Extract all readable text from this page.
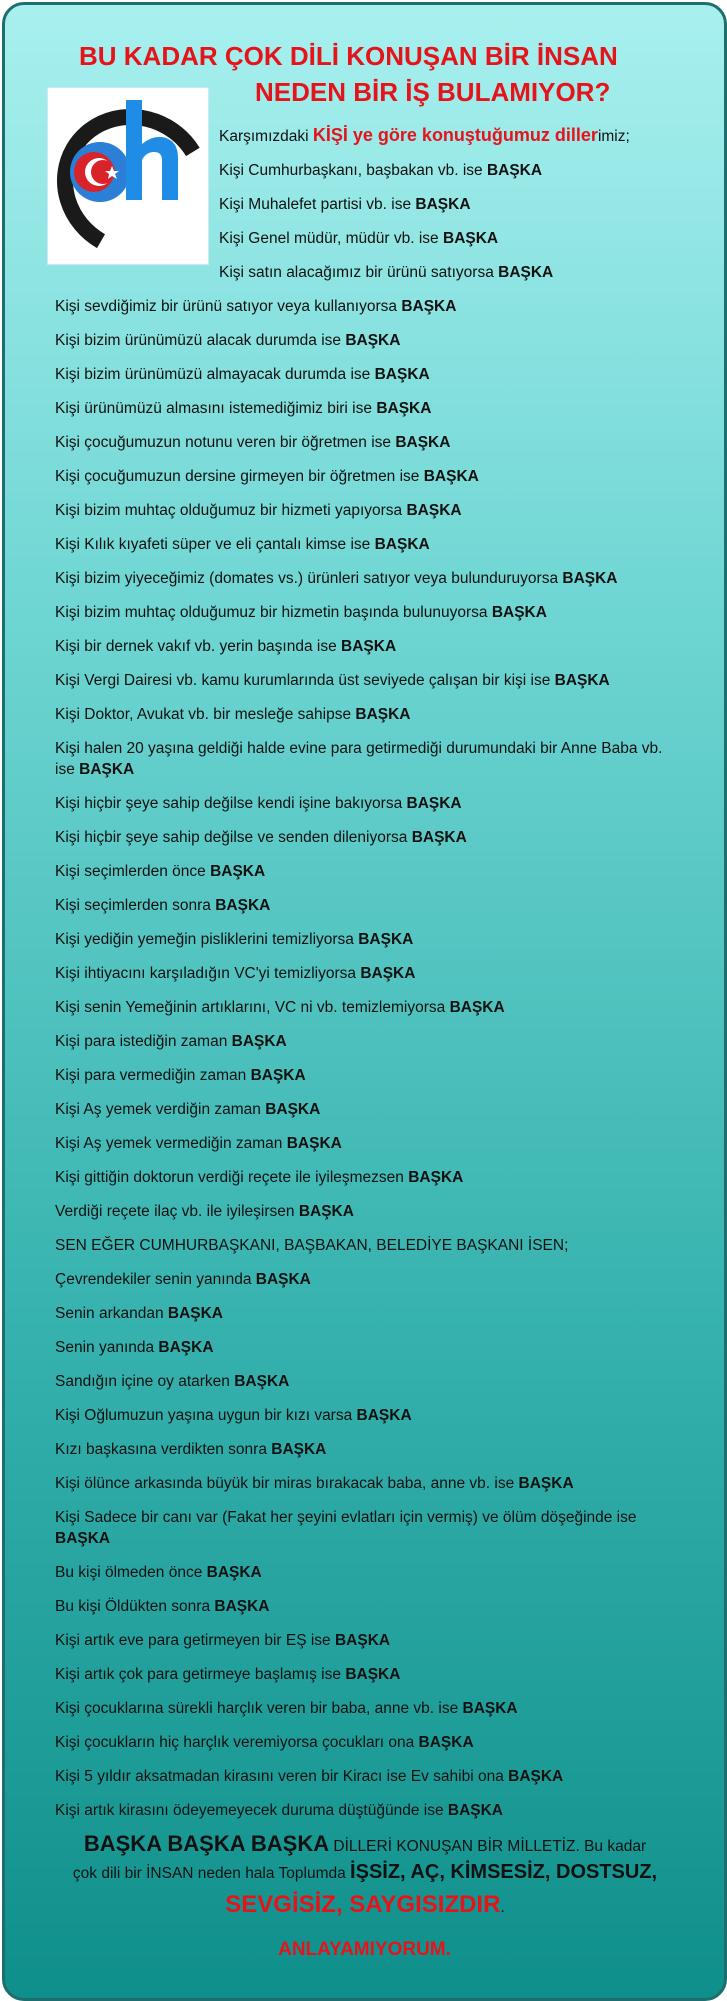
BU KADAR ÇOK DİLİ KONUŞAN BİR İNSAN
NEDEN BİR İŞ BULAMIYOR?
Karşımızdaki KİŞİ ye göre konuştuğumuz dillerimiz;
BAŞKA BAŞKA BAŞKA DİLLERİ KONUŞAN BİR MİLLETİZ. Bu kadar
çok dili bir İNSAN neden hala Toplumda İŞSİZ, AÇ, KİMSESİZ, DOSTSUZ,
SEVGİSİZ, SAYGISIZDIR.
ANLAYAMIYORUM.
Kişi Cumhurbaşkanı, başbakan vb. ise BAŞKA
Kişi Muhalefet partisi vb. ise BAŞKA
Kişi Genel müdür, müdür vb. ise BAŞKA
Kişi satın alacağımız bir ürünü satıyorsa BAŞKA
Kişi sevdiğimiz bir ürünü satıyor veya kullanıyorsa BAŞKA
Kişi bizim ürünümüzü alacak durumda ise BAŞKA
Kişi bizim ürünümüzü almayacak durumda ise BAŞKA
Kişi ürünümüzü almasını istemediğimiz biri ise BAŞKA
Kişi çocuğumuzun notunu veren bir öğretmen ise BAŞKA
Kişi çocuğumuzun dersine girmeyen bir öğretmen ise BAŞKA
Kişi bizim muhtaç olduğumuz bir hizmeti yapıyorsa BAŞKA
Kişi Kılık kıyafeti süper ve eli çantalı kimse ise BAŞKA
Kişi bizim yiyeceğimiz (domates vs.) ürünleri satıyor veya bulunduruyorsa BAŞKA
Kişi bizim muhtaç olduğumuz bir hizmetin başında bulunuyorsa BAŞKA
Kişi bir dernek vakıf vb. yerin başında ise BAŞKA
Kişi Vergi Dairesi vb. kamu kurumlarında üst seviyede çalışan bir kişi ise BAŞKA
Kişi Doktor, Avukat vb. bir mesleğe sahipse BAŞKA
Kişi halen 20 yaşına geldiği halde evine para getirmediği durumundaki bir Anne Baba vb. ise BAŞKA
Kişi hiçbir şeye sahip değilse kendi işine bakıyorsa BAŞKA
Kişi hiçbir şeye sahip değilse ve senden dileniyorsa BAŞKA
Kişi seçimlerden önce BAŞKA
Kişi seçimlerden sonra BAŞKA
Kişi yediğin yemeğin pisliklerini temizliyorsa BAŞKA
Kişi ihtiyacını karşıladığın VC'yi temizliyorsa BAŞKA
Kişi senin Yemeğinin artıklarını, VC ni vb. temizlemiyorsa BAŞKA
Kişi para istediğin zaman BAŞKA
Kişi para vermediğin zaman BAŞKA
Kişi Aş yemek verdiğin zaman BAŞKA
Kişi Aş yemek vermediğin zaman BAŞKA
Kişi gittiğin doktorun verdiği reçete ile iyileşmezsen BAŞKA
Verdiği reçete ilaç vb. ile iyileşirsen BAŞKA
SEN EĞER CUMHURBAŞKANI, BAŞBAKAN, BELEDİYE BAŞKANI İSEN;
Çevrendekiler senin yanında BAŞKA
Senin arkandan BAŞKA
Senin yanında BAŞKA
Sandığın içine oy atarken BAŞKA
Kişi Oğlumuzun yaşına uygun bir kızı varsa BAŞKA
Kızı başkasına verdikten sonra BAŞKA
Kişi ölünce arkasında büyük bir miras bırakacak baba, anne vb. ise BAŞKA
Kişi Sadece bir canı var (Fakat her şeyini evlatları için vermiş) ve ölüm döşeğinde ise BAŞKA
Bu kişi ölmeden önce BAŞKA
Bu kişi Öldükten sonra BAŞKA
Kişi artık eve para getirmeyen bir EŞ ise BAŞKA
Kişi artık çok para getirmeye başlamış ise BAŞKA
Kişi çocuklarına sürekli harçlık veren bir baba, anne vb. ise BAŞKA
Kişi çocukların hiç harçlık veremiyorsa çocukları ona BAŞKA
Kişi 5 yıldır aksatmadan kirasını veren bir Kiracı ise Ev sahibi ona BAŞKA
Kişi artık kirasını ödeyemeyecek duruma düştüğünde ise BAŞKA
